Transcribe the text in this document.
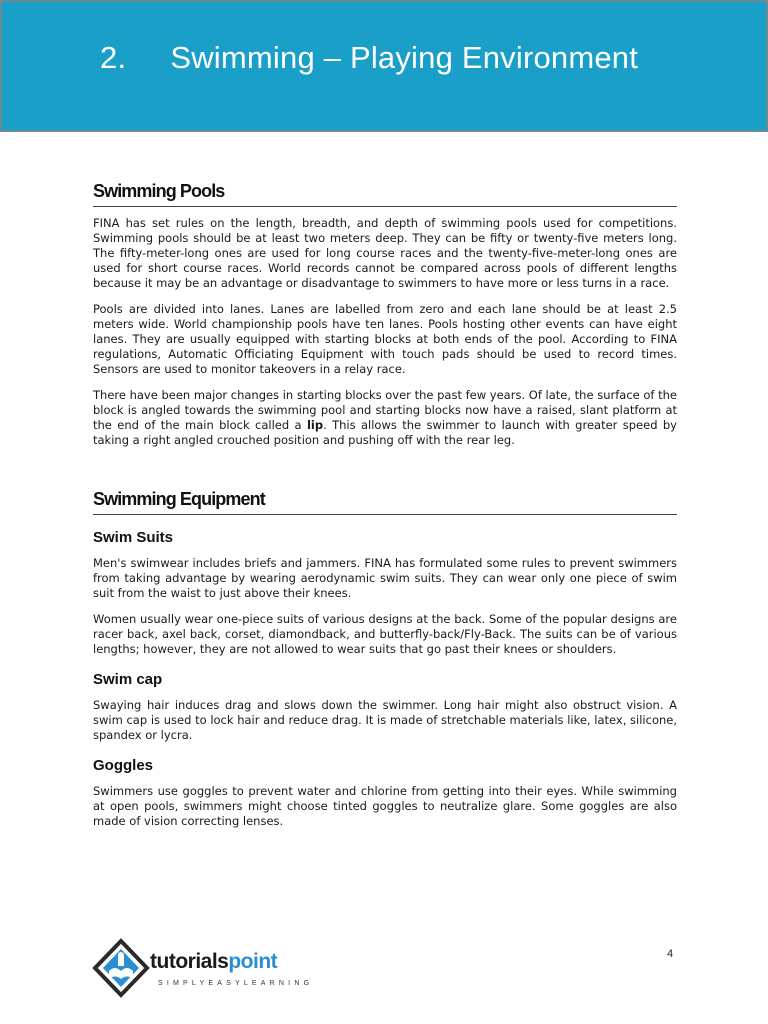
2.     Swimming – Playing Environment
Swimming Pools

FINA has set rules on the length, breadth, and depth of swimming pools used for competitions. Swimming pools should be at least two meters deep. They can be fifty or twenty-five meters long. The fifty-meter-long ones are used for long course races and the twenty-five-meter-long ones are used for short course races. World records cannot be compared across pools of different lengths because it may be an advantage or disadvantage to swimmers to have more or less turns in a race.

Pools are divided into lanes. Lanes are labelled from zero and each lane should be at least 2.5 meters wide. World championship pools have ten lanes. Pools hosting other events can have eight lanes. They are usually equipped with starting blocks at both ends of the pool. According to FINA regulations, Automatic Officiating Equipment with touch pads should be used to record times. Sensors are used to monitor takeovers in a relay race.

There have been major changes in starting blocks over the past few years. Of late, the surface of the block is angled towards the swimming pool and starting blocks now have a raised, slant platform at the end of the main block called a lip. This allows the swimmer to launch with greater speed by taking a right angled crouched position and pushing off with the rear leg.

Swimming Equipment
Swim Suits

Men's swimwear includes briefs and jammers. FINA has formulated some rules to prevent swimmers from taking advantage by wearing aerodynamic swim suits. They can wear only one piece of swim suit from the waist to just above their knees.

Women usually wear one-piece suits of various designs at the back. Some of the popular designs are racer back, axel back, corset, diamondback, and butterfly-back/Fly-Back. The suits can be of various lengths; however, they are not allowed to wear suits that go past their knees or shoulders.

Swim cap

Swaying hair induces drag and slows down the swimmer. Long hair might also obstruct vision. A swim cap is used to lock hair and reduce drag. It is made of stretchable materials like, latex, silicone, spandex or lycra.

Goggles

Swimmers use goggles to prevent water and chlorine from getting into their eyes. While swimming at open pools, swimmers might choose tinted goggles to neutralize glare. Some goggles are also made of vision correcting lenses.

4
tutorialspoint
SIMPLYEASYLEARNING
